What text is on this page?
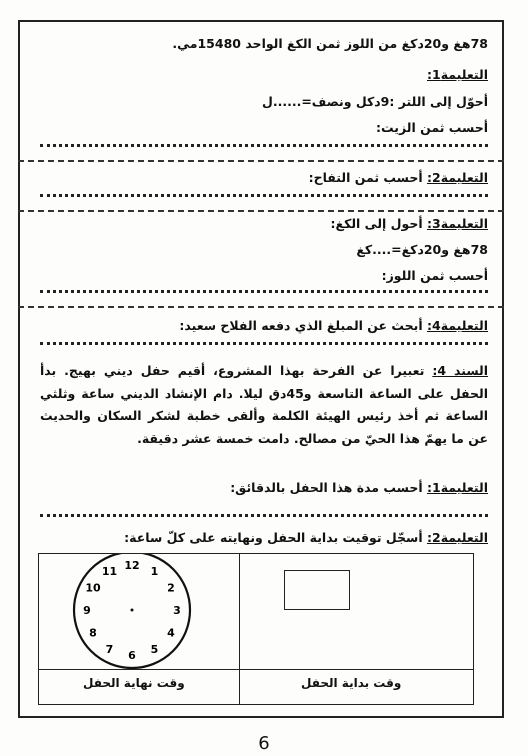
78هغ و20دكغ من اللوز ثمن الكغ الواحد 15480مي.
التعليمة1:
أحوّل إلى اللتر :9دكل ونصف=......ل
أحسب ثمن الزيت:
التعليمة2: أحسب ثمن التفاح:
التعليمة3: أحول إلى الكغ:
78هغ و20دكغ=....كغ
أحسب ثمن اللوز:
التعليمة4: أبحث عن المبلغ الذي دفعه الفلاح سعيد:
السند 4: تعبيرا عن الفرحة بهذا المشروع، أقيم حفل ديني بهيج. بدأ الحفل على الساعة التاسعة و45دق ليلا. دام الإنشاد الديني ساعة وثلثي الساعة ثم أخذ رئيس الهيئة الكلمة وألقى خطبة لشكر السكان والحديث عن ما يهمّ هذا الحيّ من مصالح. دامت خمسة عشر دقيقة.
التعليمة1: أحسب مدة هذا الحفل بالدقائق:
التعليمة2: أسجّل توقيت بداية الحفل ونهايته على كلّ ساعة:
12 1
2
3
4
5
6
7
8
9
10
11
وقت نهاية الحفل	وقت بداية الحفل
6
